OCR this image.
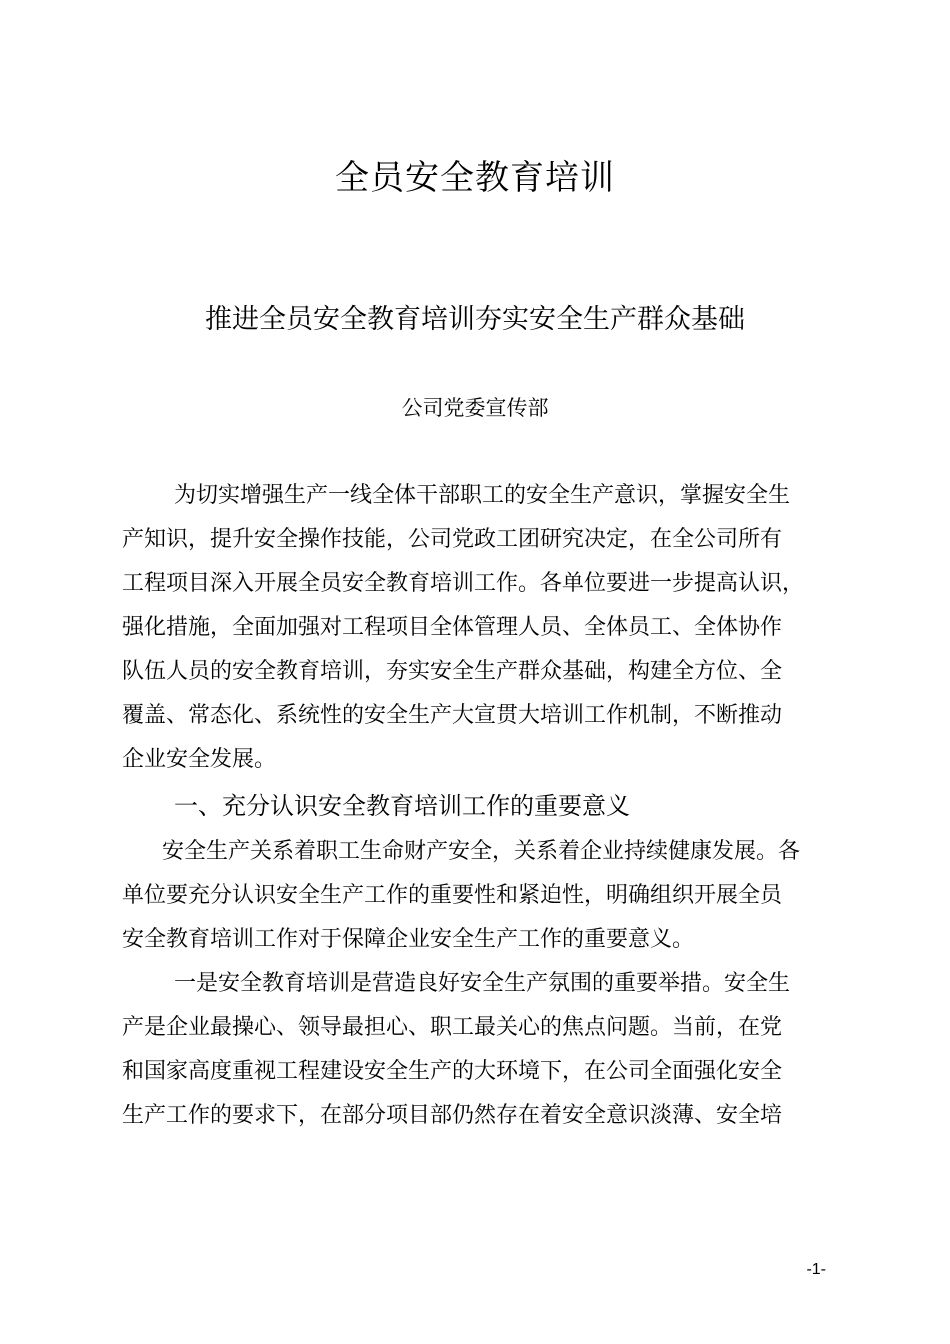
全员安全教育培训
推进全员安全教育培训夯实安全生产群众基础
公司党委宣传部
为切实增强生产一线全体干部职工的安全生产意识，掌握安全生
产知识，提升安全操作技能，公司党政工团研究决定，在全公司所有
工程项目深入开展全员安全教育培训工作。各单位要进一步提高认识，
强化措施，全面加强对工程项目全体管理人员、全体员工、全体协作
队伍人员的安全教育培训，夯实安全生产群众基础，构建全方位、全
覆盖、常态化、系统性的安全生产大宣贯大培训工作机制，不断推动
企业安全发展。
一、充分认识安全教育培训工作的重要意义
安全生产关系着职工生命财产安全，关系着企业持续健康发展。各
单位要充分认识安全生产工作的重要性和紧迫性，明确组织开展全员
安全教育培训工作对于保障企业安全生产工作的重要意义。
一是安全教育培训是营造良好安全生产氛围的重要举措。安全生
产是企业最操心、领导最担心、职工最关心的焦点问题。当前，在党
和国家高度重视工程建设安全生产的大环境下，在公司全面强化安全
生产工作的要求下，在部分项目部仍然存在着安全意识淡薄、安全培
-1-
